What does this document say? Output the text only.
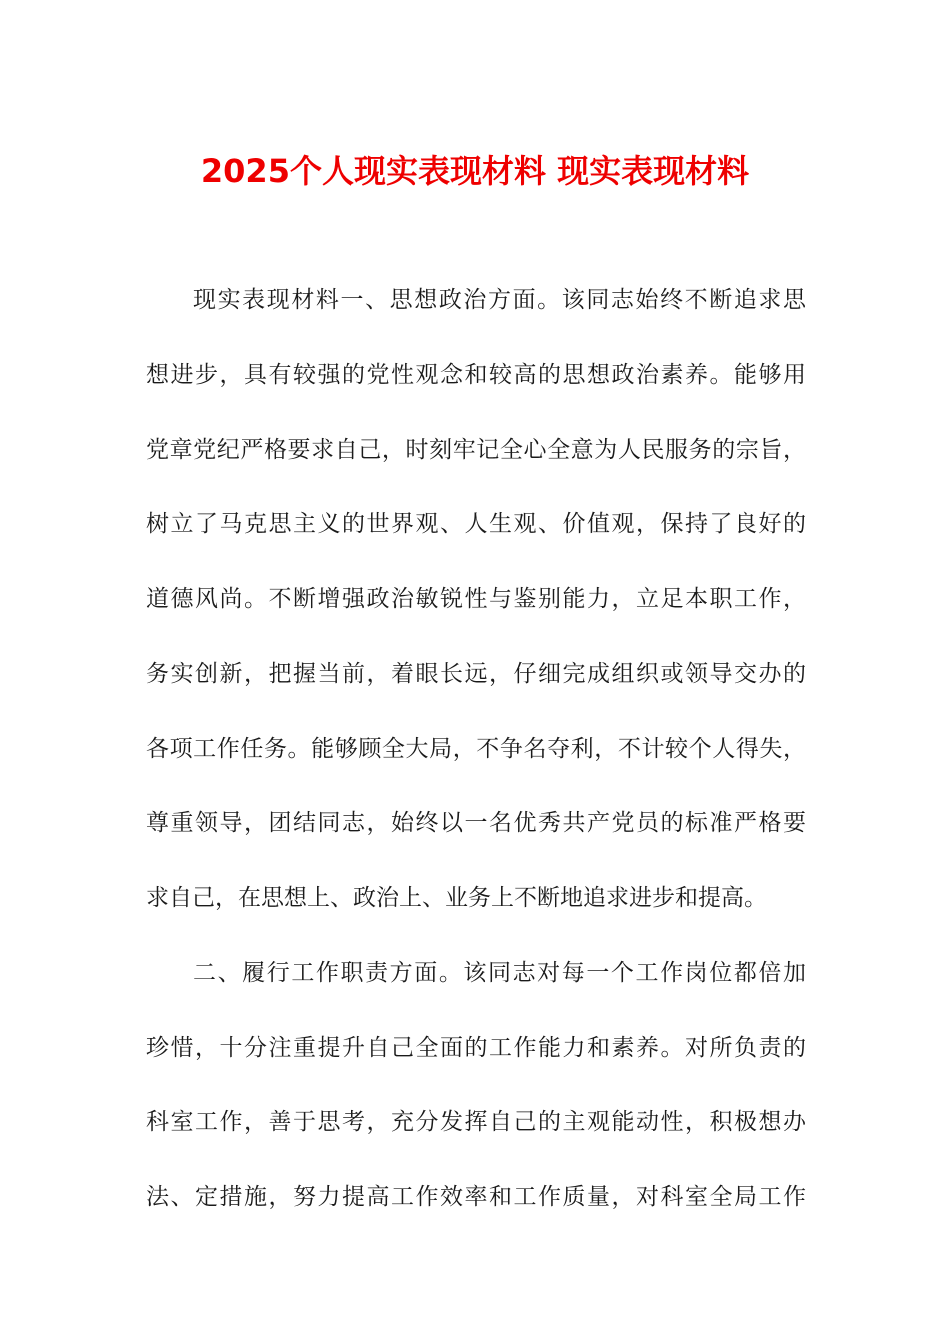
2025个人现实表现材料 现实表现材料
现实表现材料一、思想政治方面。该同志始终不断追求思
想进步，具有较强的党性观念和较高的思想政治素养。能够用
党章党纪严格要求自己，时刻牢记全心全意为人民服务的宗旨，
树立了马克思主义的世界观、人生观、价值观，保持了良好的
道德风尚。不断增强政治敏锐性与鉴别能力，立足本职工作，
务实创新，把握当前，着眼长远，仔细完成组织或领导交办的
各项工作任务。能够顾全大局，不争名夺利，不计较个人得失，
尊重领导，团结同志，始终以一名优秀共产党员的标准严格要
求自己，在思想上、政治上、业务上不断地追求进步和提高。
二、履行工作职责方面。该同志对每一个工作岗位都倍加
珍惜，十分注重提升自己全面的工作能力和素养。对所负责的
科室工作，善于思考，充分发挥自己的主观能动性，积极想办
法、定措施，努力提高工作效率和工作质量，对科室全局工作
